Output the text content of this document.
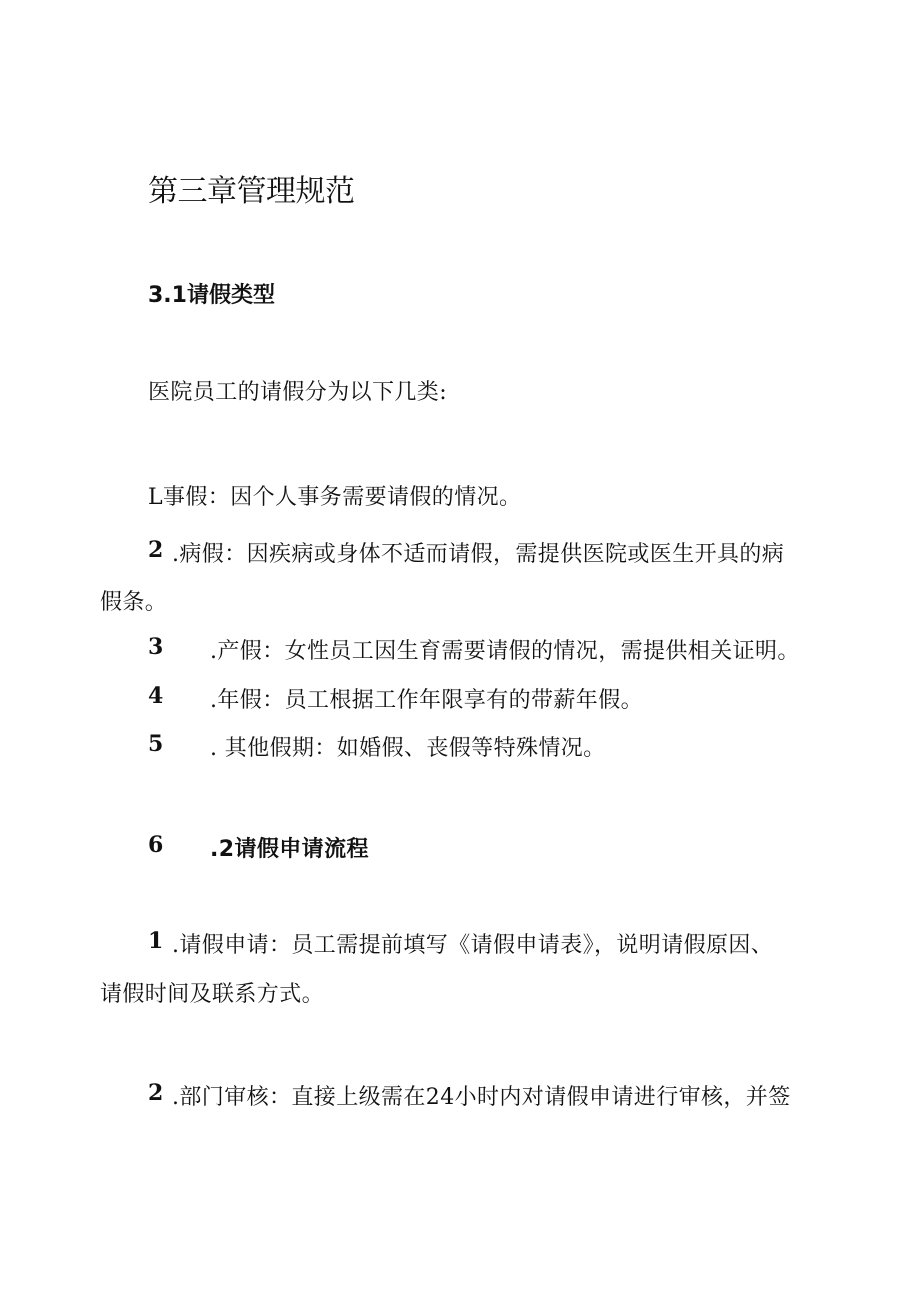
第三章管理规范
3.1请假类型

医院员工的请假分为以下几类:

L事假：因个人事务需要请假的情况。

2 .病假：因疾病或身体不适而请假，需提供医院或医生开具的病
假条。
3 .产假：女性员工因生育需要请假的情况，需提供相关证明。
4 .年假：员工根据工作年限享有的带薪年假。
5 . 其他假期：如婚假、丧假等特殊情况。
6 .2请假申请流程
1 .请假申请：员工需提前填写《请假申请表》，说明请假原因、
请假时间及联系方式。
2 .部门审核：直接上级需在24小时内对请假申请进行审核，并签
